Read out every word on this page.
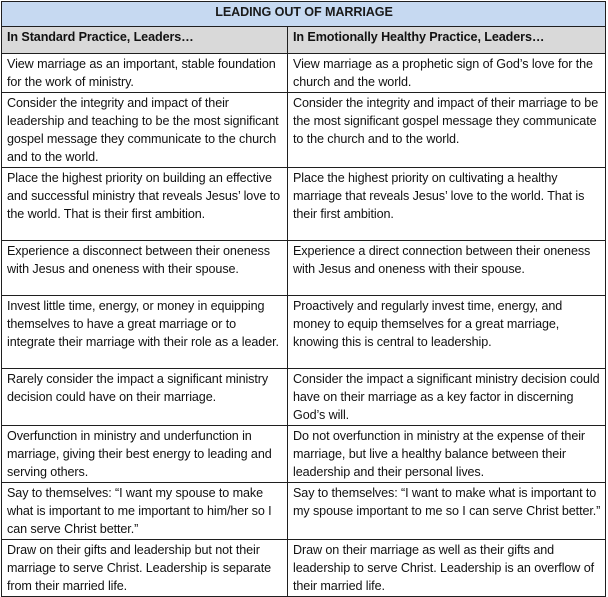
LEADING OUT OF MARRIAGE	
In Standard Practice, Leaders…	In Emotionally Healthy Practice, Leaders…
View marriage as an important, stable foundation for the work of ministry.	View marriage as a prophetic sign of God’s love for the church and the world.
Consider the integrity and impact of their leadership and teaching to be the most significant gospel message they communicate to the church and to the world.	Consider the integrity and impact of their marriage to be the most significant gospel message they communicate to the church and to the world.
Place the highest priority on building an effective and successful ministry that reveals Jesus’ love to the world. That is their first ambition.	Place the highest priority on cultivating a healthy marriage that reveals Jesus’ love to the world. That is their first ambition.
Experience a disconnect between their oneness with Jesus and oneness with their spouse.	Experience a direct connection between their oneness with Jesus and oneness with their spouse.
Invest little time, energy, or money in equipping themselves to have a great marriage or to integrate their marriage with their role as a leader.	Proactively and regularly invest time, energy, and money to equip themselves for a great marriage, knowing this is central to leadership.
Rarely consider the impact a significant ministry decision could have on their marriage.	Consider the impact a significant ministry decision could have on their marriage as a key factor in discerning God’s will.
Overfunction in ministry and underfunction in marriage, giving their best energy to leading and serving others.	Do not overfunction in ministry at the expense of their marriage, but live a healthy balance between their leadership and their personal lives.
Say to themselves: “I want my spouse to make what is important to me important to him/her so I can serve Christ better.”	Say to themselves: “I want to make what is important to my spouse important to me so I can serve Christ better.”
Draw on their gifts and leadership but not their marriage to serve Christ. Leadership is separate from their married life.	Draw on their marriage as well as their gifts and leadership to serve Christ. Leadership is an overflow of their married life.
